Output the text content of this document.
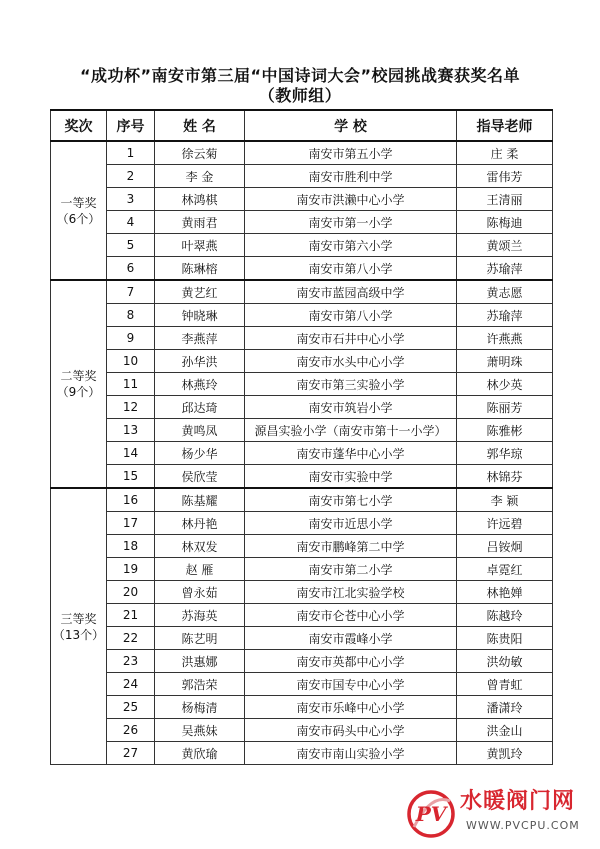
“成功杯”南安市第三届“中国诗词大会”校园挑战赛获奖名单
（教师组）
奖次	序号	姓 名	学 校	指导老师
一等奖
（6个）	1	徐云菊	南安市第五小学	庄 柔
	2	李 金	南安市胜利中学	雷伟芳
	3	林鸿棋	南安市洪濑中心小学	王清丽
	4	黄雨君	南安市第一小学	陈梅迪
	5	叶翠燕	南安市第六小学	黄颂兰
	6	陈琳榕	南安市第八小学	苏瑜萍
二等奖
（9个）	7	黄艺红	南安市蓝园高级中学	黄志愿
	8	钟晓琳	南安市第八小学	苏瑜萍
	9	李燕萍	南安市石井中心小学	许燕燕
	10	孙华洪	南安市水头中心小学	萧明珠
	11	林燕玲	南安市第三实验小学	林少英
	12	邱达琦	南安市筑岩小学	陈丽芳
	13	黄鸣凤	源昌实验小学（南安市第十一小学）	陈雅彬
	14	杨少华	南安市蓬华中心小学	郭华琼
	15	侯欣莹	南安市实验中学	林锦芬
三等奖
（13个）	16	陈基耀	南安市第七小学	李 颖
	17	林丹艳	南安市近思小学	许远碧
	18	林双发	南安市鹏峰第二中学	吕铵炯
	19	赵 雁	南安市第二小学	卓霓红
	20	曾永茹	南安市江北实验学校	林艳婵
	21	苏海英	南安市仑苍中心小学	陈越玲
	22	陈艺明	南安市霞峰小学	陈贵阳
	23	洪惠娜	南安市英都中心小学	洪幼敏
	24	郭浩荣	南安市国专中心小学	曾青虹
	25	杨梅清	南安市乐峰中心小学	潘潇玲
	26	吴燕妹	南安市码头中心小学	洪金山
	27	黄欣瑜	南安市南山实验小学	黄凯玲
PV 水暖阀门网
WWW.PVCPU.COM
